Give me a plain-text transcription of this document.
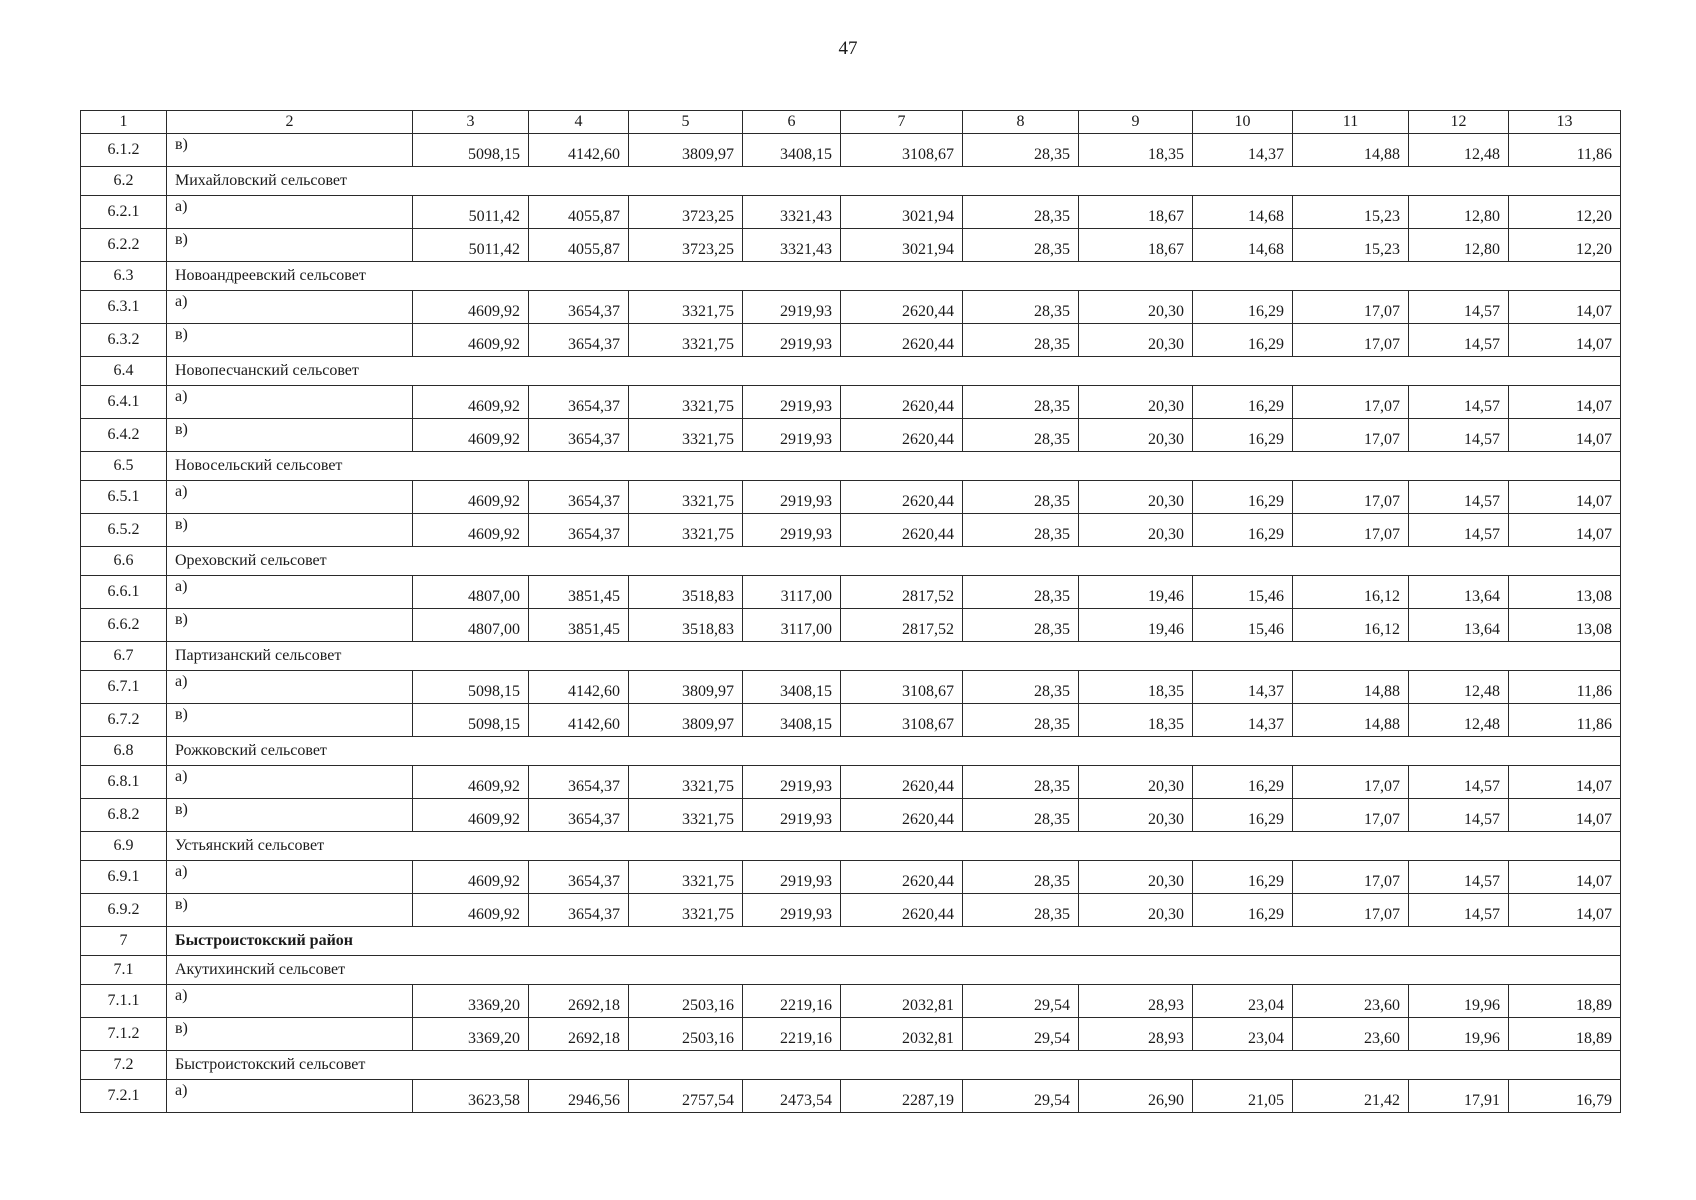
47
1	2	3	4	5	6	7	8	9	10	11	12	13
6.1.2	в)	5098,15	4142,60	3809,97	3408,15	3108,67	28,35	18,35	14,37	14,88	12,48	11,86
6.2	Михайловский сельсовет											
6.2.1	а)	5011,42	4055,87	3723,25	3321,43	3021,94	28,35	18,67	14,68	15,23	12,80	12,20
6.2.2	в)	5011,42	4055,87	3723,25	3321,43	3021,94	28,35	18,67	14,68	15,23	12,80	12,20
6.3	Новоандреевский сельсовет											
6.3.1	а)	4609,92	3654,37	3321,75	2919,93	2620,44	28,35	20,30	16,29	17,07	14,57	14,07
6.3.2	в)	4609,92	3654,37	3321,75	2919,93	2620,44	28,35	20,30	16,29	17,07	14,57	14,07
6.4	Новопесчанский сельсовет											
6.4.1	а)	4609,92	3654,37	3321,75	2919,93	2620,44	28,35	20,30	16,29	17,07	14,57	14,07
6.4.2	в)	4609,92	3654,37	3321,75	2919,93	2620,44	28,35	20,30	16,29	17,07	14,57	14,07
6.5	Новосельский сельсовет											
6.5.1	а)	4609,92	3654,37	3321,75	2919,93	2620,44	28,35	20,30	16,29	17,07	14,57	14,07
6.5.2	в)	4609,92	3654,37	3321,75	2919,93	2620,44	28,35	20,30	16,29	17,07	14,57	14,07
6.6	Ореховский сельсовет											
6.6.1	а)	4807,00	3851,45	3518,83	3117,00	2817,52	28,35	19,46	15,46	16,12	13,64	13,08
6.6.2	в)	4807,00	3851,45	3518,83	3117,00	2817,52	28,35	19,46	15,46	16,12	13,64	13,08
6.7	Партизанский сельсовет											
6.7.1	а)	5098,15	4142,60	3809,97	3408,15	3108,67	28,35	18,35	14,37	14,88	12,48	11,86
6.7.2	в)	5098,15	4142,60	3809,97	3408,15	3108,67	28,35	18,35	14,37	14,88	12,48	11,86
6.8	Рожковский сельсовет											
6.8.1	а)	4609,92	3654,37	3321,75	2919,93	2620,44	28,35	20,30	16,29	17,07	14,57	14,07
6.8.2	в)	4609,92	3654,37	3321,75	2919,93	2620,44	28,35	20,30	16,29	17,07	14,57	14,07
6.9	Устьянский сельсовет											
6.9.1	а)	4609,92	3654,37	3321,75	2919,93	2620,44	28,35	20,30	16,29	17,07	14,57	14,07
6.9.2	в)	4609,92	3654,37	3321,75	2919,93	2620,44	28,35	20,30	16,29	17,07	14,57	14,07
7	Быстроистокский район											
7.1	Акутихинский сельсовет											
7.1.1	а)	3369,20	2692,18	2503,16	2219,16	2032,81	29,54	28,93	23,04	23,60	19,96	18,89
7.1.2	в)	3369,20	2692,18	2503,16	2219,16	2032,81	29,54	28,93	23,04	23,60	19,96	18,89
7.2	Быстроистокский сельсовет											
7.2.1	а)	3623,58	2946,56	2757,54	2473,54	2287,19	29,54	26,90	21,05	21,42	17,91	16,79
